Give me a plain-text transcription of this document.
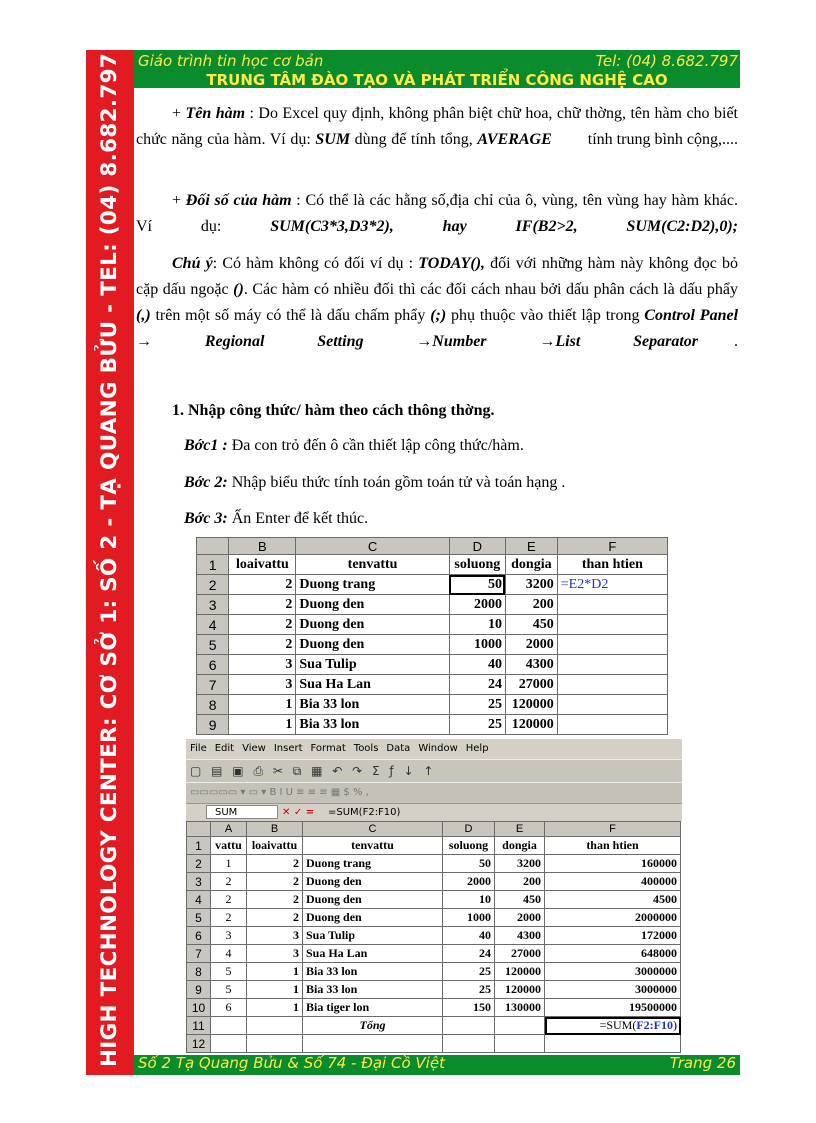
HIGH TECHNOLOGY CENTER: CƠ SỞ 1: SỐ 2 - TẠ QUANG BỬU - TEL: (04) 8.682.797	Giáo trình tin học cơ bản	Tel: (04) 8.682.797
TRUNG TÂM ĐÀO TẠO VÀ PHÁT TRIỂN CÔNG NGHỆ CAO
+ Tên hàm : Do Excel quy định, không phân biệt chữ hoa, chữ thờng, tên hàm cho biết chức năng của hàm. Ví dụ: SUM dùng để tính tổng, AVERAGEtính trung bình cộng,....
+ Đối số của hàm : Có thể là các hằng số,địa chỉ của ô, vùng, tên vùng hay hàm khác. Ví dụ: SUM(C3*3,D3*2), hay IF(B2>2, SUM(C2:D2),0);
Chú ý: Có hàm không có đối ví dụ : TODAY(), đối với những hàm này không đọc bỏ cặp dấu ngoặc (). Các hàm có nhiều đối thì các đối cách nhau bởi dấu phân cách là dấu phẩy (,) trên một số máy có thể là dấu chấm phẩy (;) phụ thuộc vào thiết lập trong Control Panel → Regional Setting →Number →List Separator .
1. Nhập công thức/ hàm theo cách thông thờng.
Bớc1 : Đa con trỏ đến ô cần thiết lập công thức/hàm.
Bớc 2: Nhập biểu thức tính toán gồm toán tử và toán hạng .
Bớc 3: Ấn Enter để kết thúc.
	B	C	D	E	F
1	loaivattu	tenvattu	soluong	dongia	than htien
2	2	Duong trang	50	3200	=E2*D2
3	2	Duong den	2000	200	
4	2	Duong den	10	450	
5	2	Duong den	1000	2000	
6	3	Sua Tulip	40	4300	
7	3	Sua Ha Lan	24	27000	
8	1	Bia 33 lon	25	120000	
9	1	Bia 33 lon	25	120000	
File Edit View Insert Format Tools Data Window Help
▢ ▤ ▣ ⎙ ✂ ⧉ ▦ ↶ ↷ Σ ƒ ↓ ↑
▭▭▭▭▭ ▾ ▭ ▾ B I U ≡ ≡ ≡ ▦ $ % ,
SUM	✕ ✓ = =SUM(F2:F10)
	A	B	C	D	E	F
1	vattu	loaivattu	tenvattu	soluong	dongia	than htien
2	1	2	Duong trang	50	3200	160000
3	2	2	Duong den	2000	200	400000
4	2	2	Duong den	10	450	4500
5	2	2	Duong den	1000	2000	2000000
6	3	3	Sua Tulip	40	4300	172000
7	4	3	Sua Ha Lan	24	27000	648000
8	5	1	Bia 33 lon	25	120000	3000000
9	5	1	Bia 33 lon	25	120000	3000000
10	6	1	Bia tiger lon	150	130000	19500000
11			Tổng			=SUM(F2:F10)
12						
Số 2 Tạ Quang Bửu & Số 74 - Đại Cồ Việt	Trang 26
